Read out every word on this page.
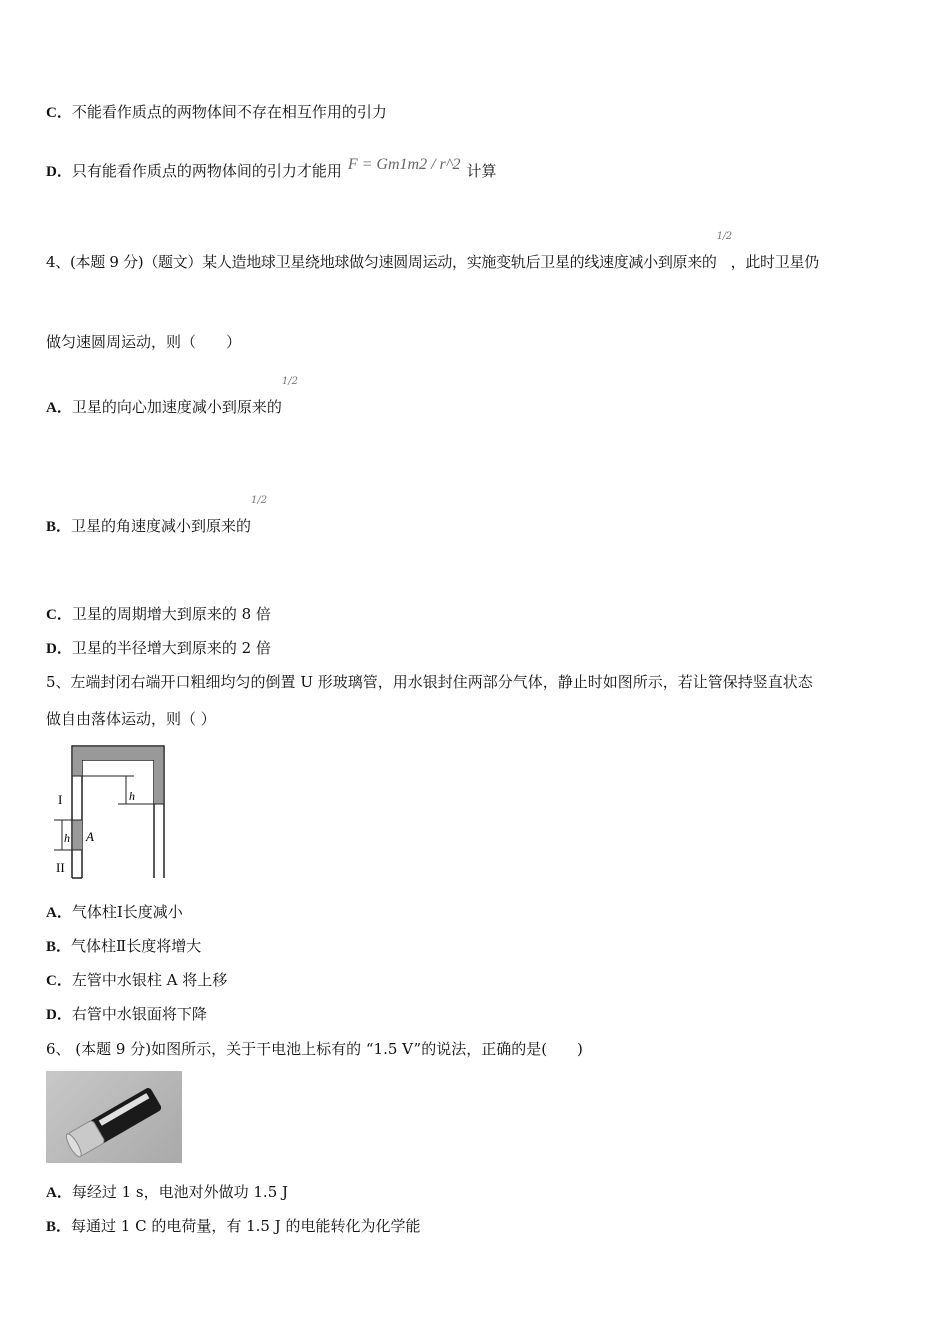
C．不能看作质点的两物体间不存在相互作用的引力
D．只有能看作质点的两物体间的引力才能用 F = Gm1m2 / r^2 计算
4、(本题 9 分)（题文）某人造地球卫星绕地球做匀速圆周运动，实施变轨后卫星的线速度减小到原来的
1/2
，此时卫星仍
做匀速圆周运动，则（　　）
A．卫星的向心加速度减小到原来的
1/2
B．卫星的角速度减小到原来的
1/2
C．卫星的周期增大到原来的 8 倍
D．卫星的半径增大到原来的 2 倍
5、左端封闭右端开口粗细均匀的倒置 U 形玻璃管，用水银封住两部分气体，静止时如图所示，若让管保持竖直状态
做自由落体运动，则（ ）
I
II
h
h A
A．气体柱Ⅰ长度减小
B．气体柱Ⅱ长度将增大
C．左管中水银柱 A 将上移
D．右管中水银面将下降
6、 (本题 9 分)如图所示，关于干电池上标有的 “1.5 V”的说法，正确的是(　　)
A．每经过 1 s，电池对外做功 1.5 J
B．每通过 1 C 的电荷量，有 1.5 J 的电能转化为化学能
